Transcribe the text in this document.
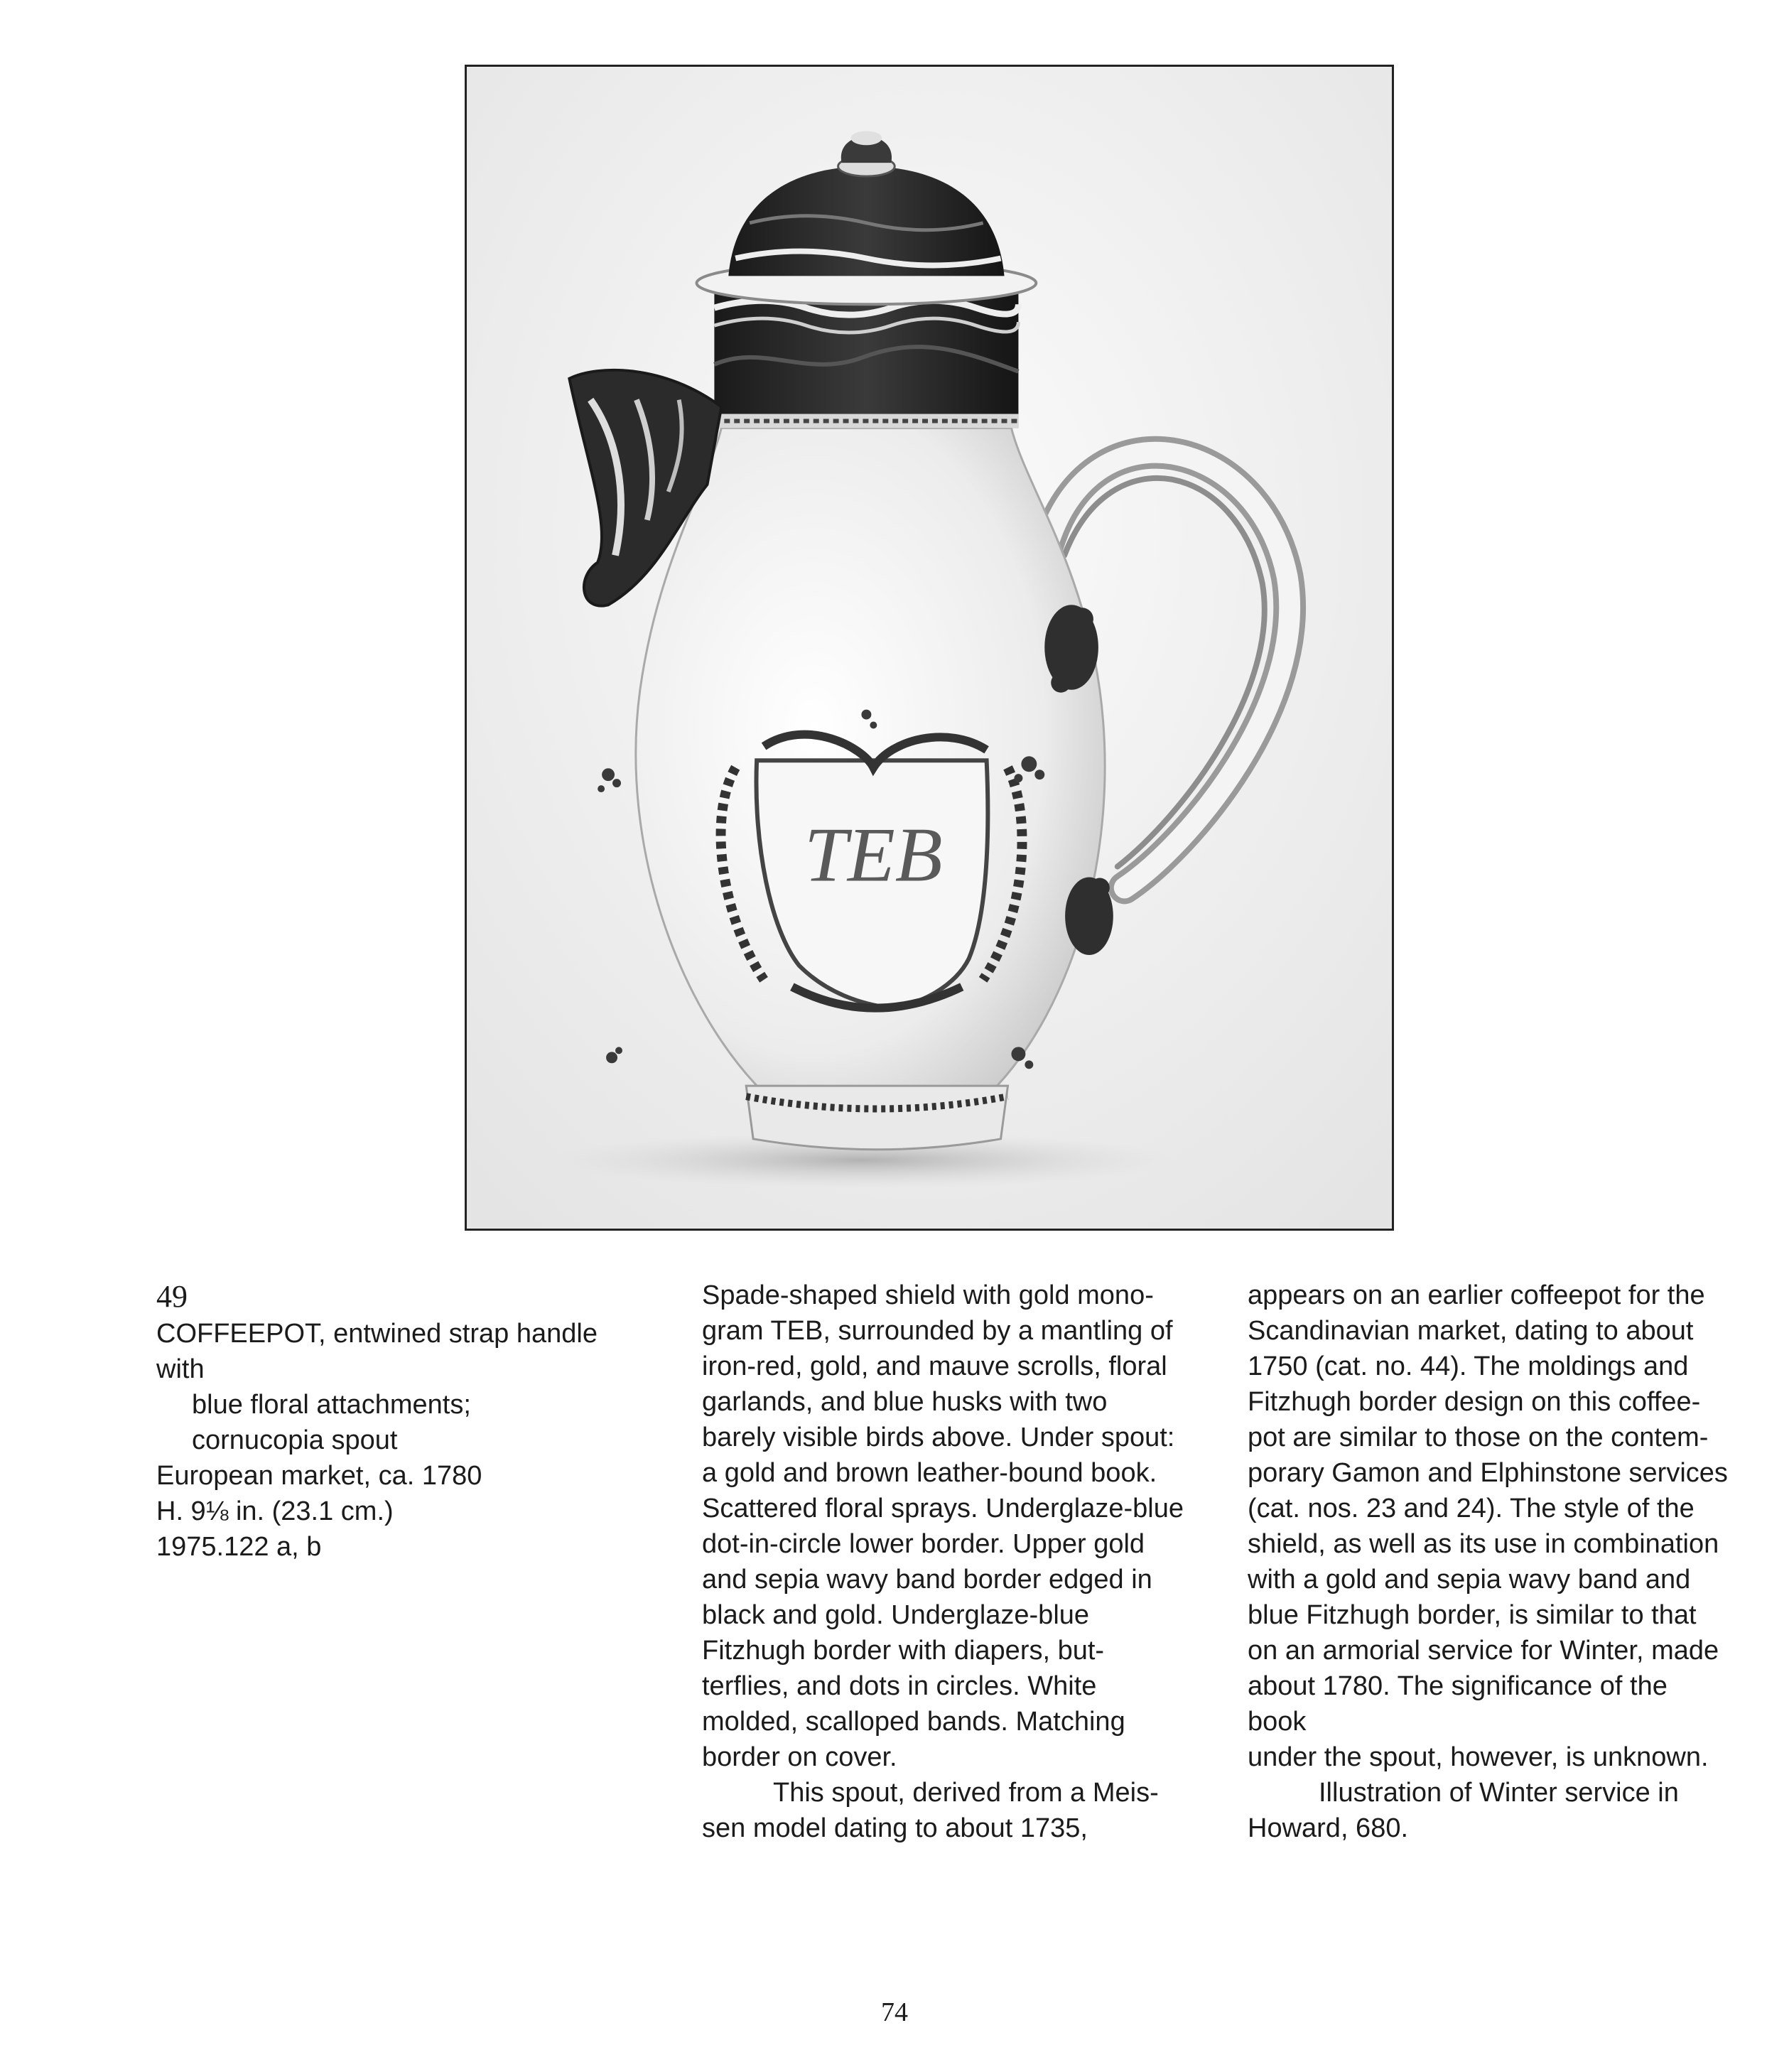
TEB
49

COFFEEPOT, entwined strap handle with

blue floral attachments;

cornucopia spout

European market, ca. 1780

H. 9⅛ in. (23.1 cm.)

1975.122 a, b

Spade-shaped shield with gold mono-

gram TEB, surrounded by a mantling of

iron-red, gold, and mauve scrolls, floral

garlands, and blue husks with two

barely visible birds above. Under spout:

a gold and brown leather-bound book.

Scattered floral sprays. Underglaze-blue

dot-in-circle lower border. Upper gold

and sepia wavy band border edged in

black and gold. Underglaze-blue

Fitzhugh border with diapers, but-

terflies, and dots in circles. White

molded, scalloped bands. Matching

border on cover.

This spout, derived from a Meis-

sen model dating to about 1735,

appears on an earlier coffeepot for the

Scandinavian market, dating to about

1750 (cat. no. 44). The moldings and

Fitzhugh border design on this coffee-

pot are similar to those on the contem-

porary Gamon and Elphinstone services

(cat. nos. 23 and 24). The style of the

shield, as well as its use in combination

with a gold and sepia wavy band and

blue Fitzhugh border, is similar to that

on an armorial service for Winter, made

about 1780. The significance of the book

under the spout, however, is unknown.

Illustration of Winter service in

Howard, 680.

74
